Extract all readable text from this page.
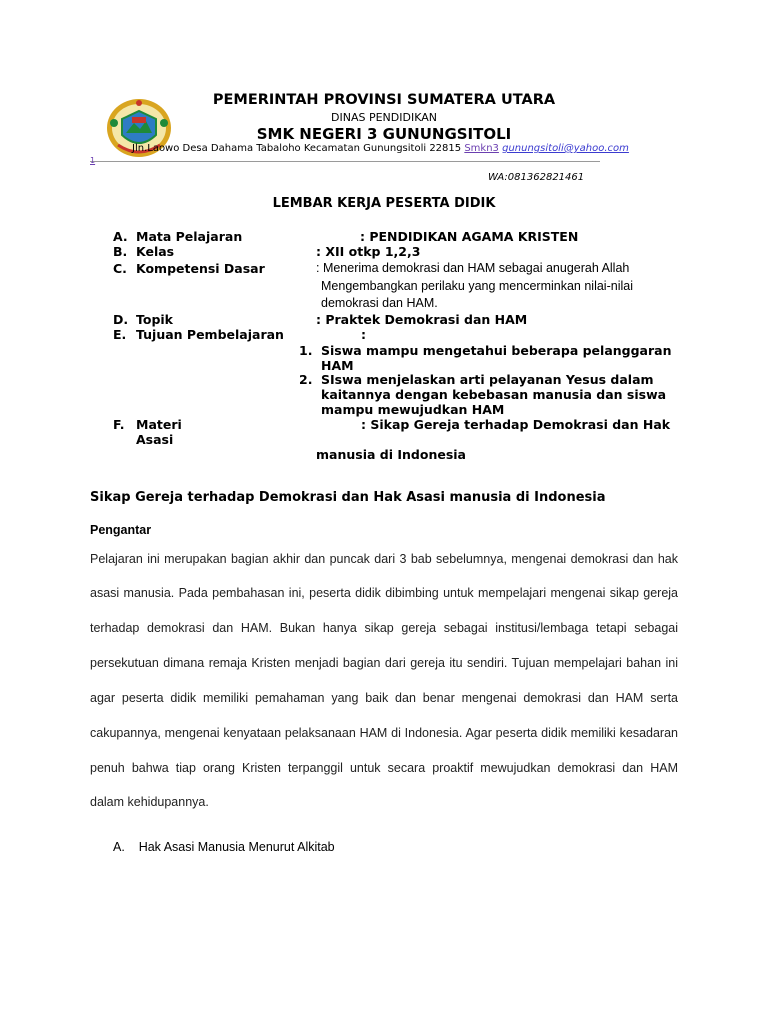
PEMERINTAH PROVINSI SUMATERA UTARA
DINAS PENDIDIKAN
SMK NEGERI 3 GUNUNGSITOLI
Jln.Laowo Desa Dahama Tabaloho Kecamatan Gunungsitoli 22815 Smkn3 gunungsitoli@yahoo.com
1
WA:081362821461
LEMBAR KERJA PESERTA DIDIK
A. Mata Pelajaran	: PENDIDIKAN AGAMA KRISTEN
B. Kelas	: XII otkp 1,2,3
C. Kompetensi Dasar	: Menerima demokrasi dan HAM sebagai anugerah Allah
Mengembangkan perilaku yang mencerminkan nilai-nilai
demokrasi dan HAM.
D. Topik	: Praktek Demokrasi dan HAM
E. Tujuan Pembelajaran	:
1. Siswa mampu mengetahui beberapa pelanggaran
HAM
2. SIswa menjelaskan arti pelayanan Yesus dalam
kaitannya dengan kebebasan manusia dan siswa
mampu mewujudkan HAM
F. Materi
Asasi
: Sikap Gereja terhadap Demokrasi dan Hak
manusia di Indonesia
Sikap Gereja terhadap Demokrasi dan Hak Asasi manusia di Indonesia
Pengantar
Pelajaran ini merupakan bagian akhir dan puncak dari 3 bab sebelumnya, mengenai demokrasi dan hak
asasi manusia. Pada pembahasan ini, peserta didik dibimbing untuk mempelajari mengenai sikap gereja
terhadap demokrasi dan HAM. Bukan hanya sikap gereja sebagai institusi/lembaga tetapi sebagai
persekutuan dimana remaja Kristen menjadi bagian dari gereja itu sendiri. Tujuan mempelajari bahan ini
agar peserta didik memiliki pemahaman yang baik dan benar mengenai demokrasi dan HAM serta
cakupannya, mengenai kenyataan pelaksanaan HAM di Indonesia. Agar peserta didik memiliki kesadaran
penuh bahwa tiap orang Kristen terpanggil untuk secara proaktif mewujudkan demokrasi dan HAM
dalam kehidupannya.
A.    Hak Asasi Manusia Menurut Alkitab
